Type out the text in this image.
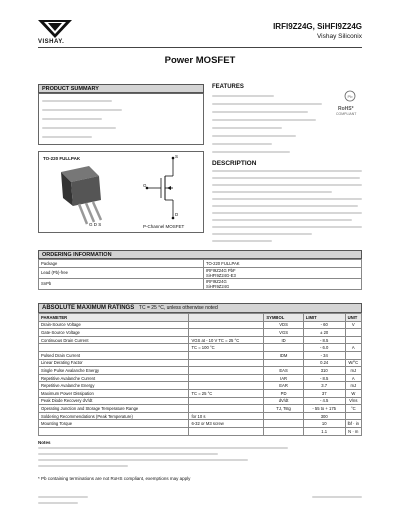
VISHAY.
IRFI9Z24G, SiHFI9Z24G
Vishay Siliconix
Power MOSFET
PRODUCT SUMMARY
TO-220 FULLPAK
G D S
S
G
D
P-Channel MOSFET
FEATURES
Pb
RoHS*
COMPLIANT
DESCRIPTION
ORDERING INFORMATION
Package	TO-220 FULLPAK
Lead (Pb)-free	IRFI9Z24G PbF
SiHFI9Z24G-E3

SnPb	IRFI9Z24G
SiHFI9Z24G
ABSOLUTE MAXIMUM RATINGS TC = 25 °C, unless otherwise noted
PARAMETER		SYMBOL	LIMIT	UNIT
Drain-Source Voltage		VDS	- 60	V
Gate-Source Voltage		VGS	± 20	
Continuous Drain Current	VGS at - 10 V TC = 25 °C	ID	- 8.5	
	TC = 100 °C		- 6.0	A
Pulsed Drain Current		IDM	- 34	
Linear Derating Factor			0.24	W/°C
Single Pulse Avalanche Energy		EAS	310	mJ
Repetitive Avalanche Current		IAR	- 8.5	A
Repetitive Avalanche Energy		EAR	3.7	mJ
Maximum Power Dissipation	TC = 25 °C	PD	37	W
Peak Diode Recovery dV/dt		dV/dt	- 4.5	V/ns
Operating Junction and Storage Temperature Range		TJ, Tstg	- 55 to + 175	°C
Soldering Recommendations (Peak Temperature)	for 10 s		300	
Mounting Torque	6-32 or M3 screw		10	lbf · in
			1.1	N · m
Notes
* Pb containing terminations are not RoHS compliant, exemptions may apply
